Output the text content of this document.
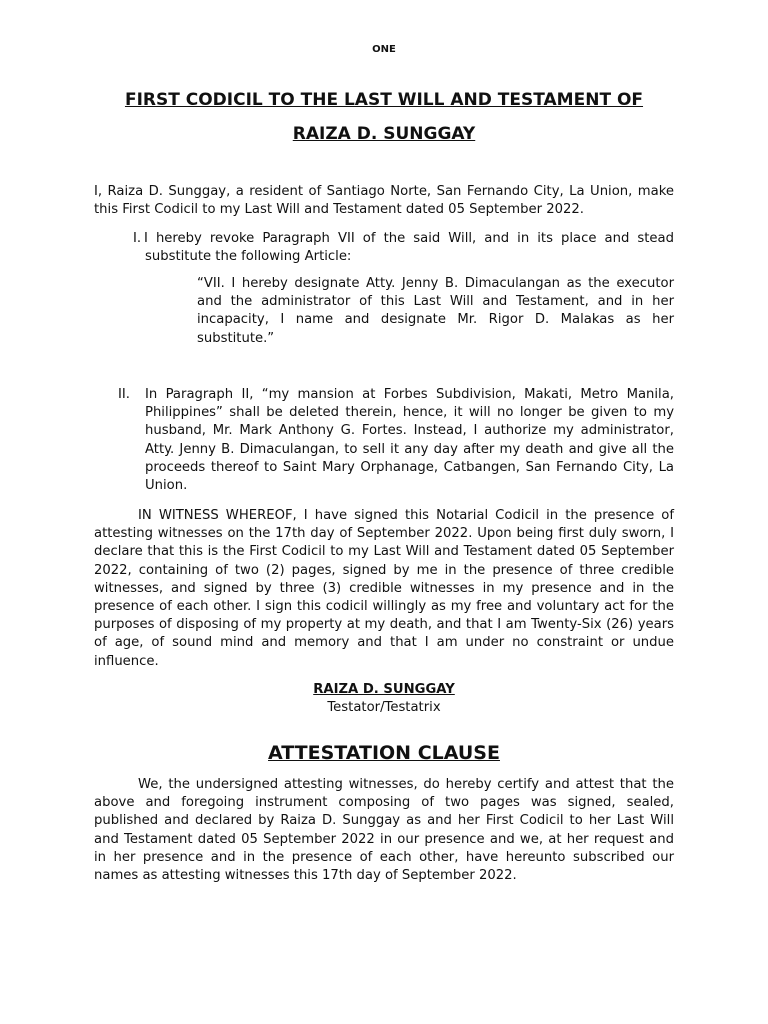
ONE
FIRST CODICIL TO THE LAST WILL AND TESTAMENT OF
RAIZA D. SUNGGAY

I, Raiza D. Sunggay, a resident of Santiago Norte, San Fernando City, La Union, make this First Codicil to my Last Will and Testament dated 05 September 2022.

I. I hereby revoke Paragraph VII of the said Will, and in its place and stead substitute the following Article:
“VII. I hereby designate Atty. Jenny B. Dimaculangan as the executor and the administrator of this Last Will and Testament, and in her incapacity, I name and designate Mr. Rigor D. Malakas as her substitute.”
II.	In Paragraph II, “my mansion at Forbes Subdivision, Makati, Metro Manila, Philippines” shall be deleted therein, hence, it will no longer be given to my husband, Mr. Mark Anthony G. Fortes. Instead, I authorize my administrator, Atty. Jenny B. Dimaculangan, to sell it any day after my death and give all the proceeds thereof to Saint Mary Orphanage, Catbangen, San Fernando City, La Union.

IN WITNESS WHEREOF, I have signed this Notarial Codicil in the presence of attesting witnesses on the 17th day of September 2022. Upon being first duly sworn, I declare that this is the First Codicil to my Last Will and Testament dated 05 September 2022, containing of two (2) pages, signed by me in the presence of three credible witnesses, and signed by three (3) credible witnesses in my presence and in the presence of each other. I sign this codicil willingly as my free and voluntary act for the purposes of disposing of my property at my death, and that I am Twenty-Six (26) years of age, of sound mind and memory and that I am under no constraint or undue influence.

RAIZA D. SUNGGAY
Testator/Testatrix
ATTESTATION CLAUSE

We, the undersigned attesting witnesses, do hereby certify and attest that the above and foregoing instrument composing of two pages was signed, sealed, published and declared by Raiza D. Sunggay as and her First Codicil to her Last Will and Testament dated 05 September 2022 in our presence and we, at her request and in her presence and in the presence of each other, have hereunto subscribed our names as attesting witnesses this 17th day of September 2022.
